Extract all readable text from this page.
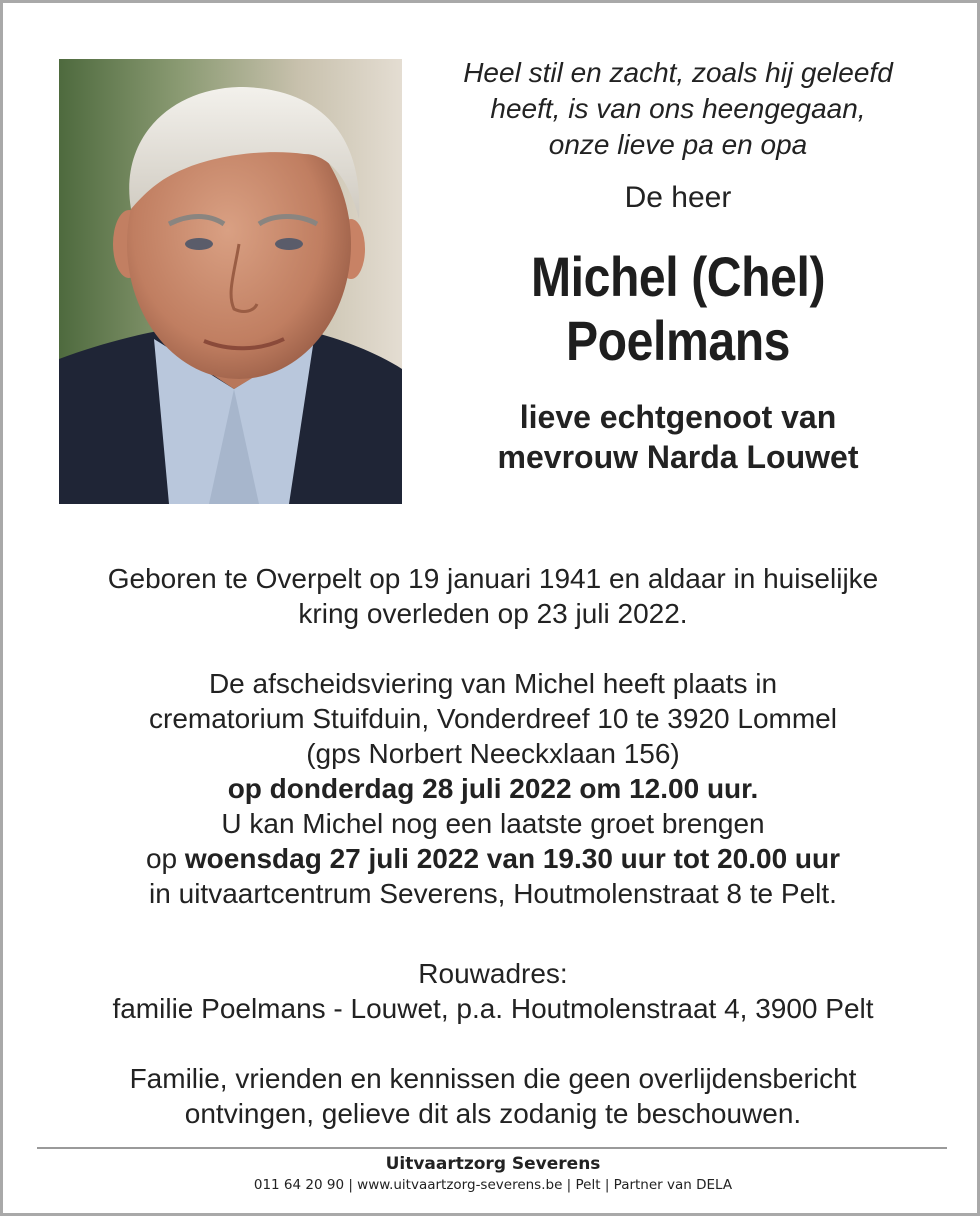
Heel stil en zacht, zoals hij geleefd
heeft, is van ons heengegaan,
onze lieve pa en opa
De heer
Michel (Chel)
Poelmans
lieve echtgenoot van
mevrouw Narda Louwet
Geboren te Overpelt op 19 januari 1941 en aldaar in huiselijke
kring overleden op 23 juli 2022.
De afscheidsviering van Michel heeft plaats in
crematorium Stuifduin, Vonderdreef 10 te 3920 Lommel
(gps Norbert Neeckxlaan 156)
op donderdag 28 juli 2022 om 12.00 uur.
U kan Michel nog een laatste groet brengen
op woensdag 27 juli 2022 van 19.30 uur tot 20.00 uur
in uitvaartcentrum Severens, Houtmolenstraat 8 te Pelt.
Rouwadres:
familie Poelmans - Louwet, p.a. Houtmolenstraat 4, 3900 Pelt
Familie, vrienden en kennissen die geen overlijdensbericht
ontvingen, gelieve dit als zodanig te beschouwen.
Uitvaartzorg Severens
011 64 20 90 | www.uitvaartzorg-severens.be | Pelt | Partner van DELA
